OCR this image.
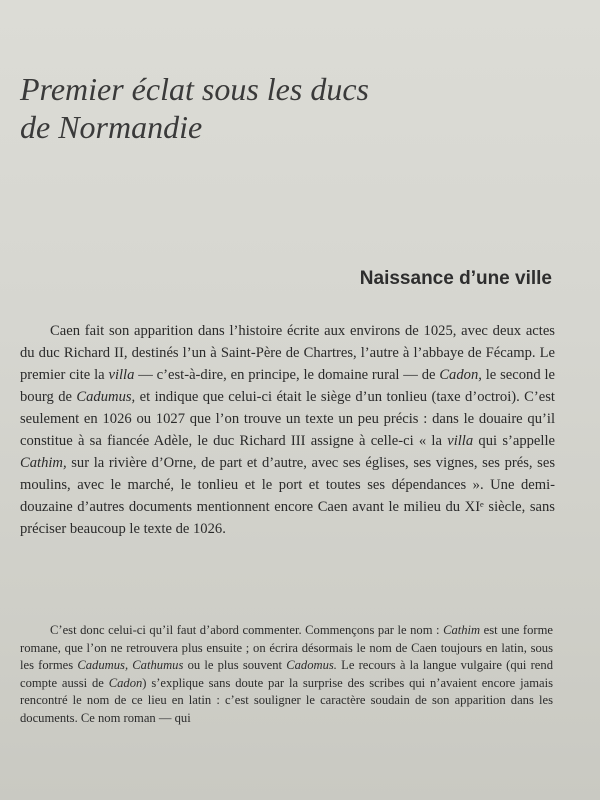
Premier éclat sous les ducs
de Normandie
Naissance d’une ville

Caen fait son apparition dans l’histoire écrite aux environs de 1025, avec deux actes du duc Richard II, destinés l’un à Saint-Père de Chartres, l’autre à l’abbaye de Fécamp. Le premier cite la villa — c’est-à-dire, en principe, le domaine rural — de Cadon, le second le bourg de Cadumus, et indique que celui-ci était le siège d’un tonlieu (taxe d’octroi). C’est seulement en 1026 ou 1027 que l’on trouve un texte un peu précis : dans le douaire qu’il constitue à sa fiancée Adèle, le duc Richard III assigne à celle-ci « la villa qui s’appelle Cathim, sur la rivière d’Orne, de part et d’autre, avec ses églises, ses vignes, ses prés, ses moulins, avec le marché, le tonlieu et le port et toutes ses dépendances ». Une demi-douzaine d’autres documents mentionnent encore Caen avant le milieu du XIᵉ siècle, sans préciser beaucoup le texte de 1026.

C’est donc celui-ci qu’il faut d’abord commenter. Commençons par le nom : Cathim est une forme romane, que l’on ne retrouvera plus ensuite ; on écrira désormais le nom de Caen toujours en latin, sous les formes Cadumus, Cathumus ou le plus souvent Cadomus. Le recours à la langue vulgaire (qui rend compte aussi de Cadon) s’explique sans doute par la surprise des scribes qui n’avaient encore jamais rencontré le nom de ce lieu en latin : c’est souligner le caractère soudain de son apparition dans les documents. Ce nom roman — qui
